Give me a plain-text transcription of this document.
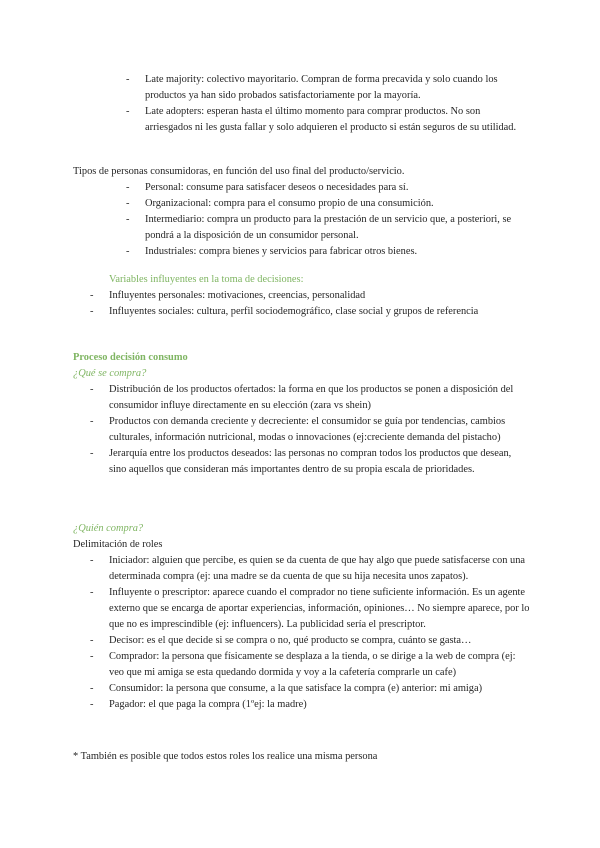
- Late majority: colectivo mayoritario. Compran de forma precavida y solo cuando los productos ya han sido probados satisfactoriamente por la mayoría.
- Late adopters: esperan hasta el último momento para comprar productos. No son arriesgados ni les gusta fallar y solo adquieren el producto si están seguros de su utilidad.

Tipos de personas consumidoras, en función del uso final del producto/servicio.

- Personal: consume para satisfacer deseos o necesidades para sí.
- Organizacional: compra para el consumo propio de una consumición.
- Intermediario: compra un producto para la prestación de un servicio que, a posteriori, se pondrá a la disposición de un consumidor personal.
- Industriales: compra bienes y servicios para fabricar otros bienes.

Variables influyentes en la toma de decisiones:

- Influyentes personales: motivaciones, creencias, personalidad
- Influyentes sociales: cultura, perfil sociodemográfico, clase social y grupos de referencia

Proceso decisión consumo

¿Qué se compra?

- Distribución de los productos ofertados: la forma en que los productos se ponen a disposición del consumidor influye directamente en su elección (zara vs shein)
- Productos con demanda creciente y decreciente: el consumidor se guía por tendencias, cambios culturales, información nutricional, modas o innovaciones (ej:creciente demanda del pistacho)
- Jerarquía entre los productos deseados: las personas no compran todos los productos que desean, sino aquellos que consideran más importantes dentro de su propia escala de prioridades.

¿Quién compra?

Delimitación de roles

- Iniciador: alguien que percibe, es quien se da cuenta de que hay algo que puede satisfacerse con una determinada compra (ej: una madre se da cuenta de que su hija necesita unos zapatos).
- Influyente o prescriptor: aparece cuando el comprador no tiene suficiente información. Es un agente externo que se encarga de aportar experiencias, información, opiniones… No siempre aparece, por lo que no es imprescindible (ej: influencers). La publicidad sería el prescriptor.
- Decisor: es el que decide si se compra o no, qué producto se compra, cuánto se gasta…
- Comprador: la persona que físicamente se desplaza a la tienda, o se dirige a la web de compra (ej: veo que mi amiga se esta quedando dormida y voy a la cafetería comprarle un cafe)
- Consumidor: la persona que consume, a la que satisface la compra (e) anterior: mi amiga)
- Pagador: el que paga la compra (1ºej: la madre)

* También es posible que todos estos roles los realice una misma persona
